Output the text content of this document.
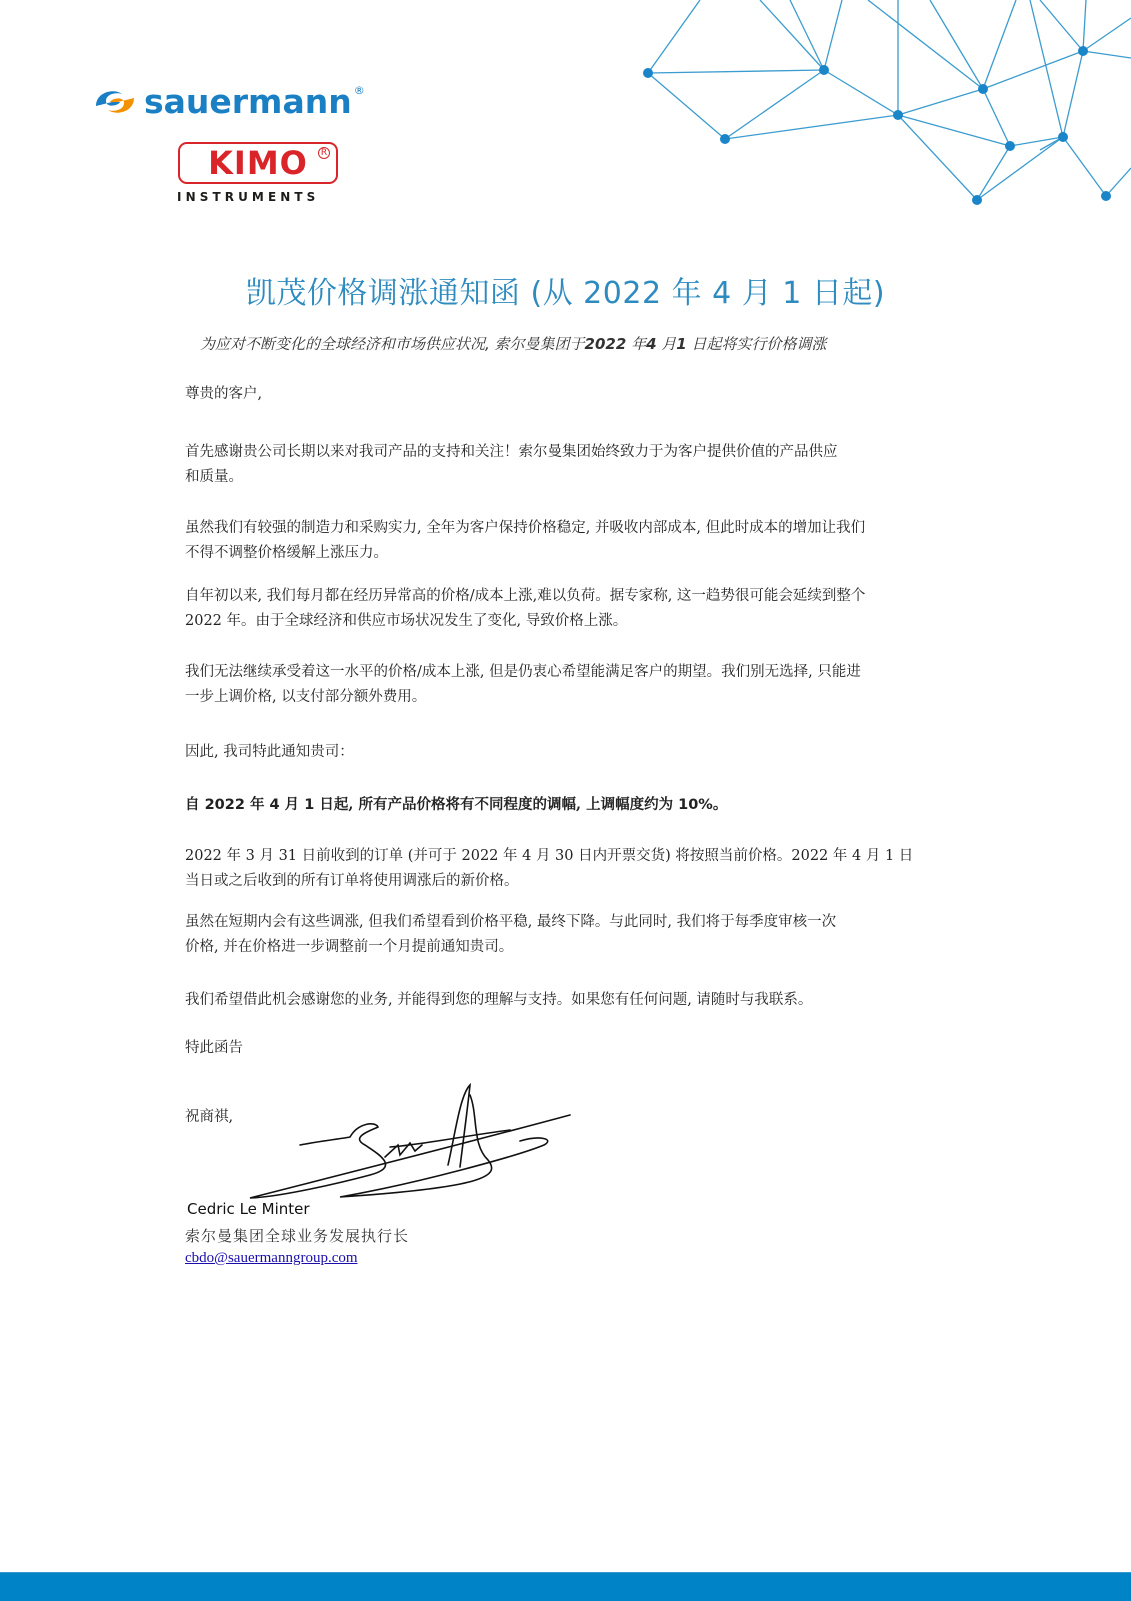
sauermann ®
KIMO	R
INSTRUMENTS
凯茂价格调涨通知函 (从 2022 年 4 月 1 日起)
为应对不断变化的全球经济和市场供应状况, 索尔曼集团于2022 年4 月1 日起将实行价格调涨
尊贵的客户,
首先感谢贵公司长期以来对我司产品的支持和关注！索尔曼集团始终致力于为客户提供价值的产品供应
和质量。
虽然我们有较强的制造力和采购实力, 全年为客户保持价格稳定, 并吸收内部成本, 但此时成本的增加让我们
不得不调整价格缓解上涨压力。
自年初以来, 我们每月都在经历异常高的价格/成本上涨,难以负荷。据专家称, 这一趋势很可能会延续到整个
2022 年。由于全球经济和供应市场状况发生了变化, 导致价格上涨。
我们无法继续承受着这一水平的价格/成本上涨, 但是仍衷心希望能满足客户的期望。我们别无选择, 只能进
一步上调价格, 以支付部分额外费用。
因此, 我司特此通知贵司：
自 2022 年 4 月 1 日起, 所有产品价格将有不同程度的调幅, 上调幅度约为 10%。
2022 年 3 月 31 日前收到的订单 (并可于 2022 年 4 月 30 日内开票交货) 将按照当前价格。2022 年 4 月 1 日
当日或之后收到的所有订单将使用调涨后的新价格。
虽然在短期内会有这些调涨, 但我们希望看到价格平稳, 最终下降。与此同时, 我们将于每季度审核一次
价格, 并在价格进一步调整前一个月提前通知贵司。
我们希望借此机会感谢您的业务, 并能得到您的理解与支持。如果您有任何问题, 请随时与我联系。
特此函告
祝商祺,
Cedric Le Minter
索尔曼集团全球业务发展执行长
cbdo@sauermanngroup.com
